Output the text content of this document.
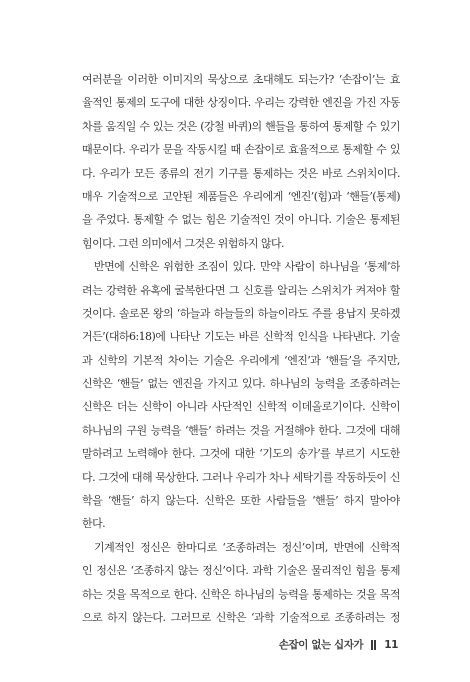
여러분을 이러한 이미지의 묵상으로 초대해도 되는가? ‘손잡이’는 효
율적인 통제의 도구에 대한 상징이다. 우리는 강력한 엔진을 가진 자동
차를 움직일 수 있는 것은 (강철 바퀴)의 핸들을 통하여 통제할 수 있기
때문이다. 우리가 문을 작동시킬 때 손잡이로 효율적으로 통제할 수 있
다. 우리가 모든 종류의 전기 기구를 통제하는 것은 바로 스위치이다.
매우 기술적으로 고안된 제품들은 우리에게 ‘엔진’(힘)과 ‘핸들’(통제)
을 주었다. 통제할 수 없는 힘은 기술적인 것이 아니다. 기술은 통제된
힘이다. 그런 의미에서 그것은 위험하지 않다.
반면에 신학은 위험한 조짐이 있다. 만약 사람이 하나님을 ‘통제’하
려는 강력한 유혹에 굴복한다면 그 신호를 알리는 스위치가 켜져야 할
것이다. 솔로몬 왕의 ‘하늘과 하늘들의 하늘이라도 주를 용납지 못하겠
거든’(대하6:18)에 나타난 기도는 바른 신학적 인식을 나타낸다. 기술
과 신학의 기본적 차이는 기술은 우리에게 ‘엔진’과 ‘핸들’을 주지만,
신학은 ‘핸들’ 없는 엔진을 가지고 있다. 하나님의 능력을 조종하려는
신학은 더는 신학이 아니라 사단적인 신학적 이데올로기이다. 신학이
하나님의 구원 능력을 ‘핸들’ 하려는 것을 거절해야 한다. 그것에 대해
말하려고 노력해야 한다. 그것에 대한 ‘기도의 송가’를 부르기 시도한
다. 그것에 대해 묵상한다. 그러나 우리가 차나 세탁기를 작동하듯이 신
학을 ‘핸들’ 하지 않는다. 신학은 또한 사람들을 ‘핸들’ 하지 말아야
한다.
기계적인 정신은 한마디로 ‘조종하려는 정신’이며, 반면에 신학적
인 정신은 ‘조종하지 않는 정신’이다. 과학 기술은 물리적인 힘을 통제
하는 것을 목적으로 한다. 신학은 하나님의 능력을 통제하는 것을 목적
으로 하지 않는다. 그러므로 신학은 ‘과학 기술적으로 조종하려는 정
손잡이 없는 십자가 11
